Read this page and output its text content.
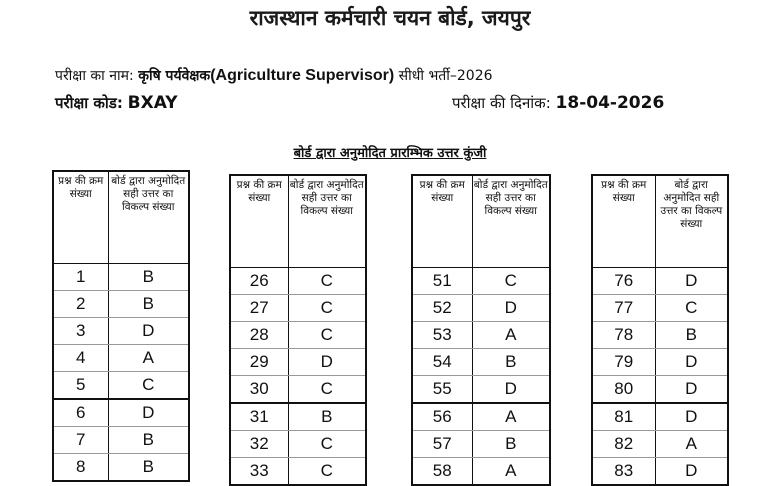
राजस्थान कर्मचारी चयन बोर्ड, जयपुर
परीक्षा का नाम: कृषि पर्यवेक्षक(Agriculture Supervisor) सीधी भर्ती–2026
परीक्षा कोड: BXAY	परीक्षा की दिनांक: 18-04-2026
बोर्ड द्वारा अनुमोदित प्रारम्भिक उत्तर कुंजी
प्रश्न की क्रम संख्या	बोर्ड द्वारा अनुमोदित सही उत्तर का विकल्प संख्या
1	B
2	B
3	D
4	A
5	C
6	D
7	B
8	B
प्रश्न की क्रम संख्या	बोर्ड द्वारा अनुमोदित सही उत्तर का विकल्प संख्या
26	C
27	C
28	C
29	D
30	C
31	B
32	C
33	C
प्रश्न की क्रम संख्या	बोर्ड द्वारा अनुमोदित सही उत्तर का विकल्प संख्या
51	C
52	D
53	A
54	B
55	D
56	A
57	B
58	A
प्रश्न की क्रम संख्या	बोर्ड द्वारा अनुमोदित सही उत्तर का विकल्प संख्या
76	D
77	C
78	B
79	D
80	D
81	D
82	A
83	D
